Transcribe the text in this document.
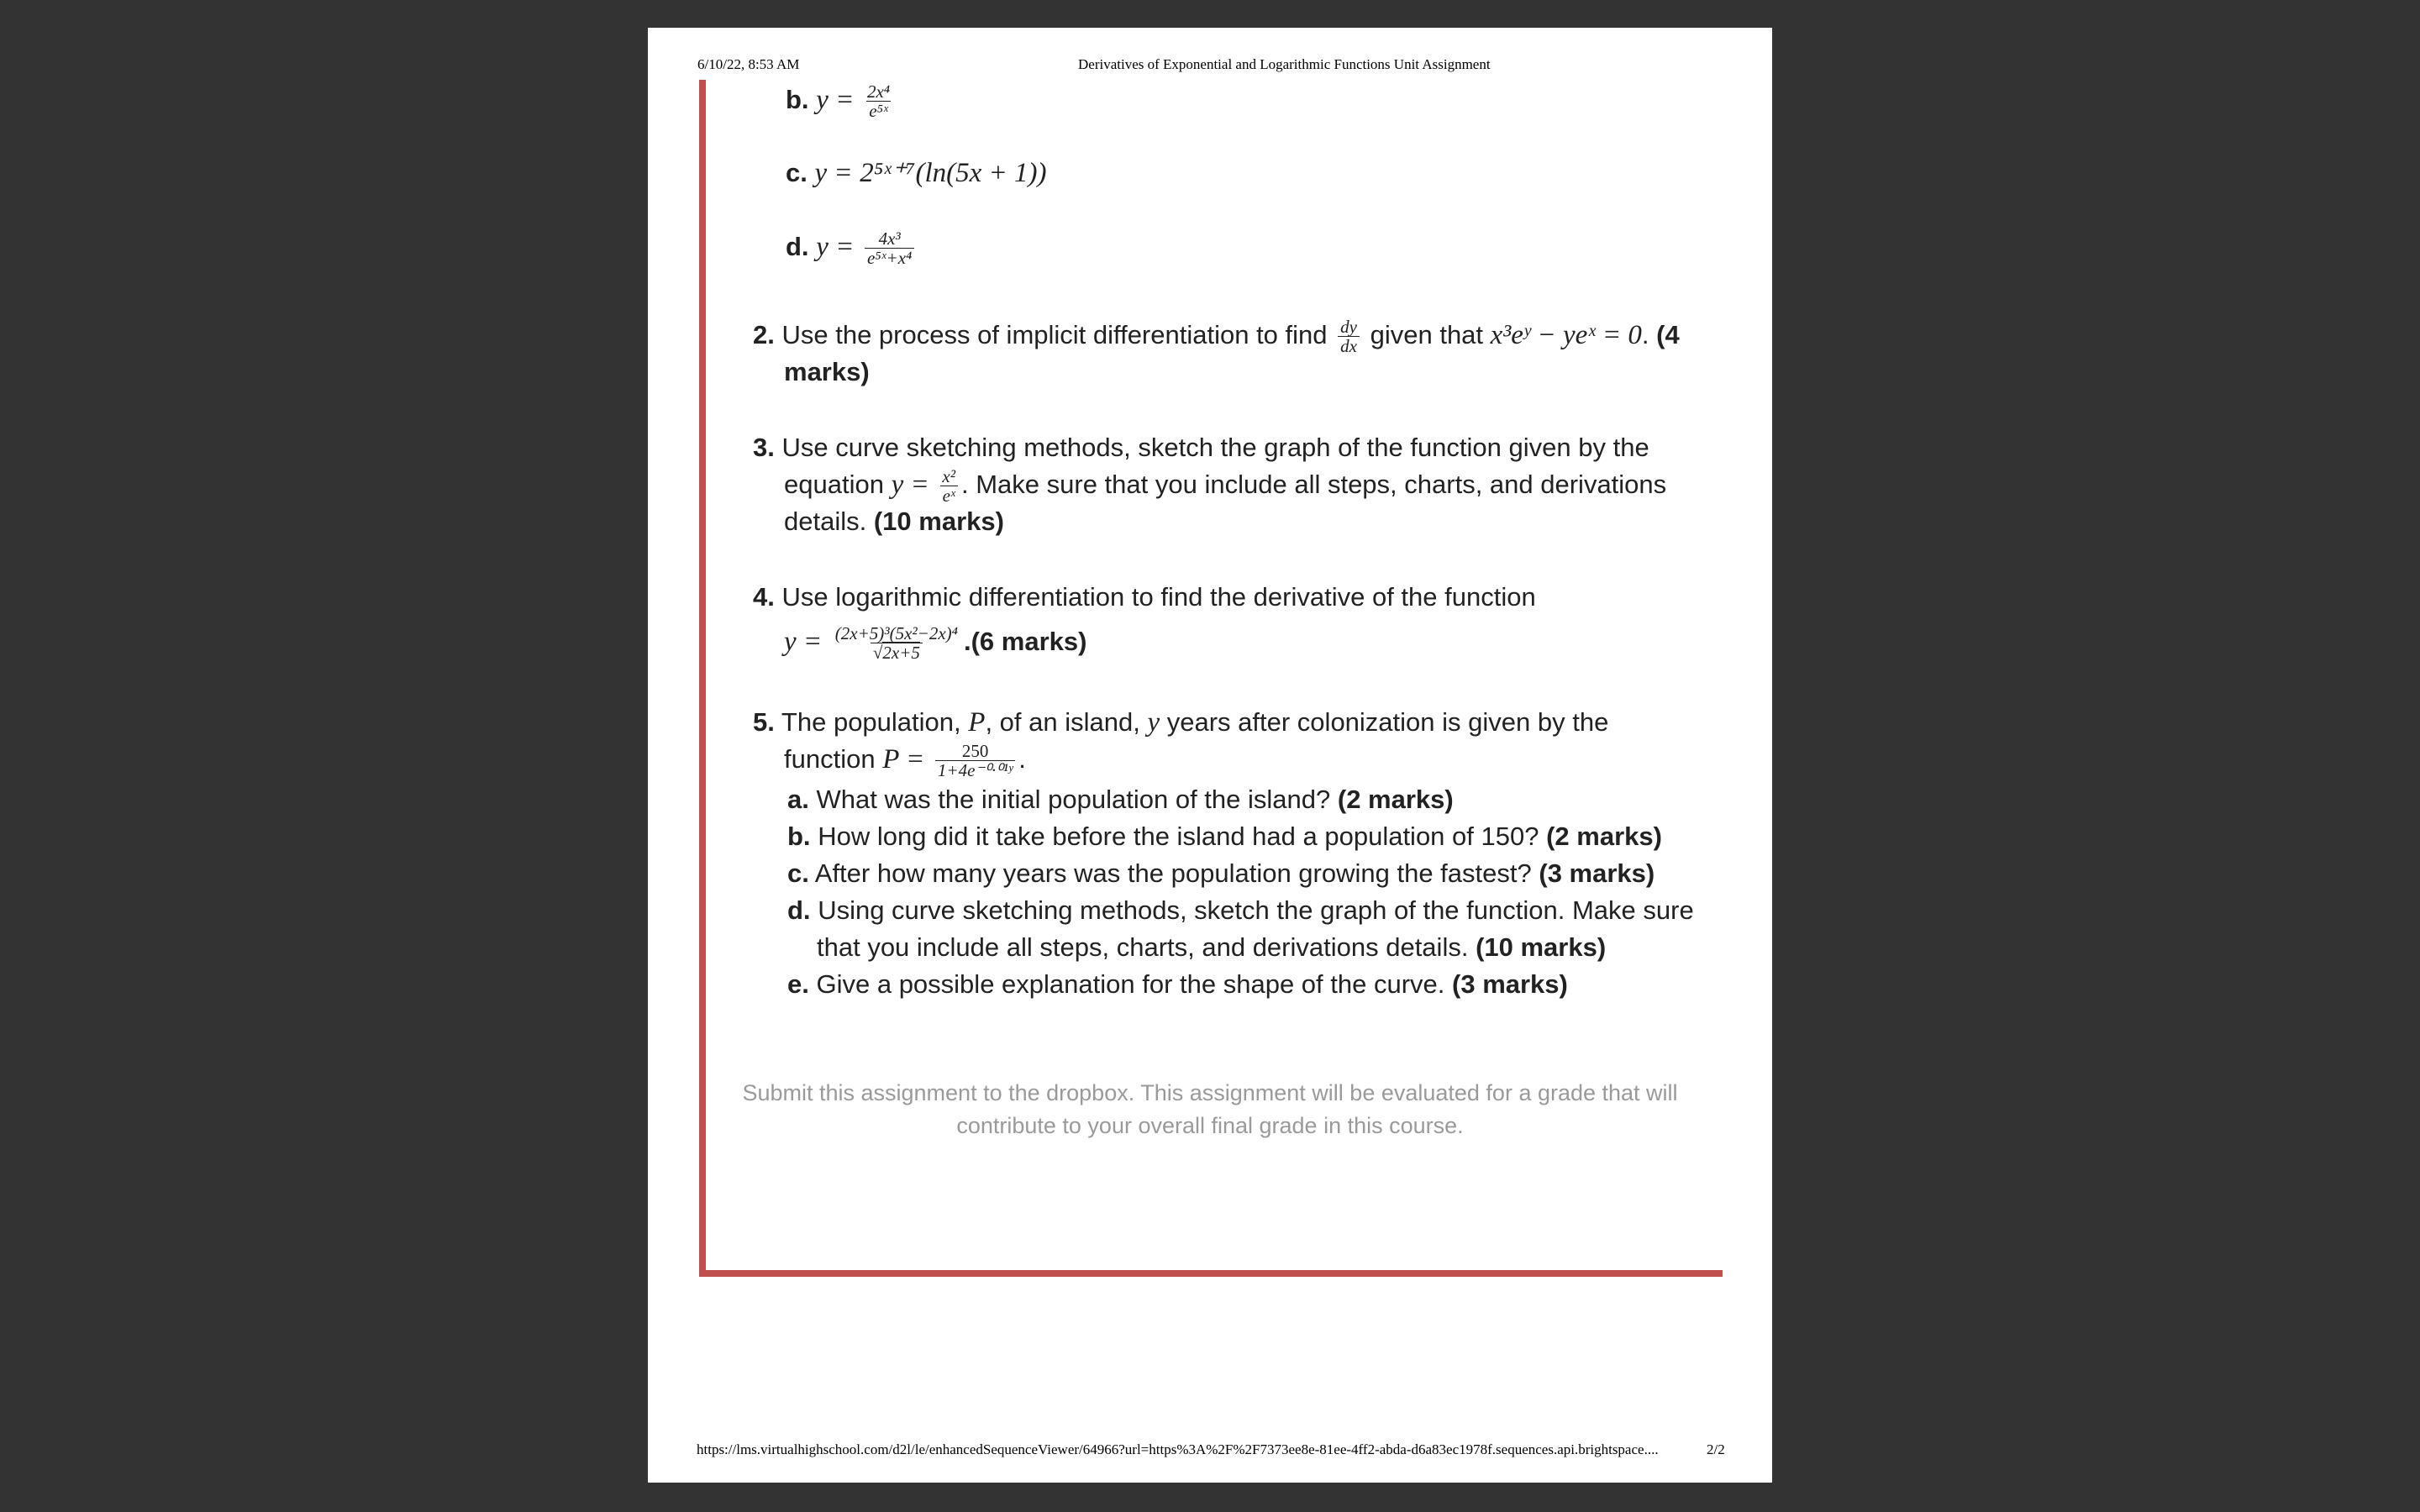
6/10/22, 8:53 AM	Derivatives of Exponential and Logarithmic Functions Unit Assignment
b. $y = \frac{\text{2x⁴}}{\text{e⁵ˣ}}$
c. y = 2⁵ˣ⁺⁷(ln(5x + 1))
d. $y = \frac{\text{4x³}}{\text{e⁵ˣ+x⁴}}$
2. Use the process of implicit differentiation to find $\frac{dy}{dx}$ given that x³eʸ − yeˣ = 0. (4
marks)
3. Use curve sketching methods, sketch the graph of the function given by the
equation $y = \frac{\text{x²}}{\text{eˣ}}$ . Make sure that you include all steps, charts, and derivations
details. (10 marks)
4. Use logarithmic differentiation to find the derivative of the function
$y = \frac{\text{(2x+5)³(5x²−2x)⁴}}{√2x+5} .(6$ marks)
5. The population, P, of an island, y years after colonization is given by the
function $P = \frac{250}{\text{1+4e⁻⁰·⁰¹ʸ}}$ .
a. What was the initial population of the island? (2 marks)
b. How long did it take before the island had a population of 150? (2 marks)
c. After how many years was the population growing the fastest? (3 marks)
d. Using curve sketching methods, sketch the graph of the function. Make sure
that you include all steps, charts, and derivations details. (10 marks)
e. Give a possible explanation for the shape of the curve. (3 marks)
Submit this assignment to the dropbox. This assignment will be evaluated for a grade that will
contribute to your overall final grade in this course.
https://lms.virtualhighschool.com/d2l/le/enhancedSequenceViewer/64966?url=https%3A%2F%2F7373ee8e-81ee-4ff2-abda-d6a83ec1978f.sequences.api.brightspace....	2/2
